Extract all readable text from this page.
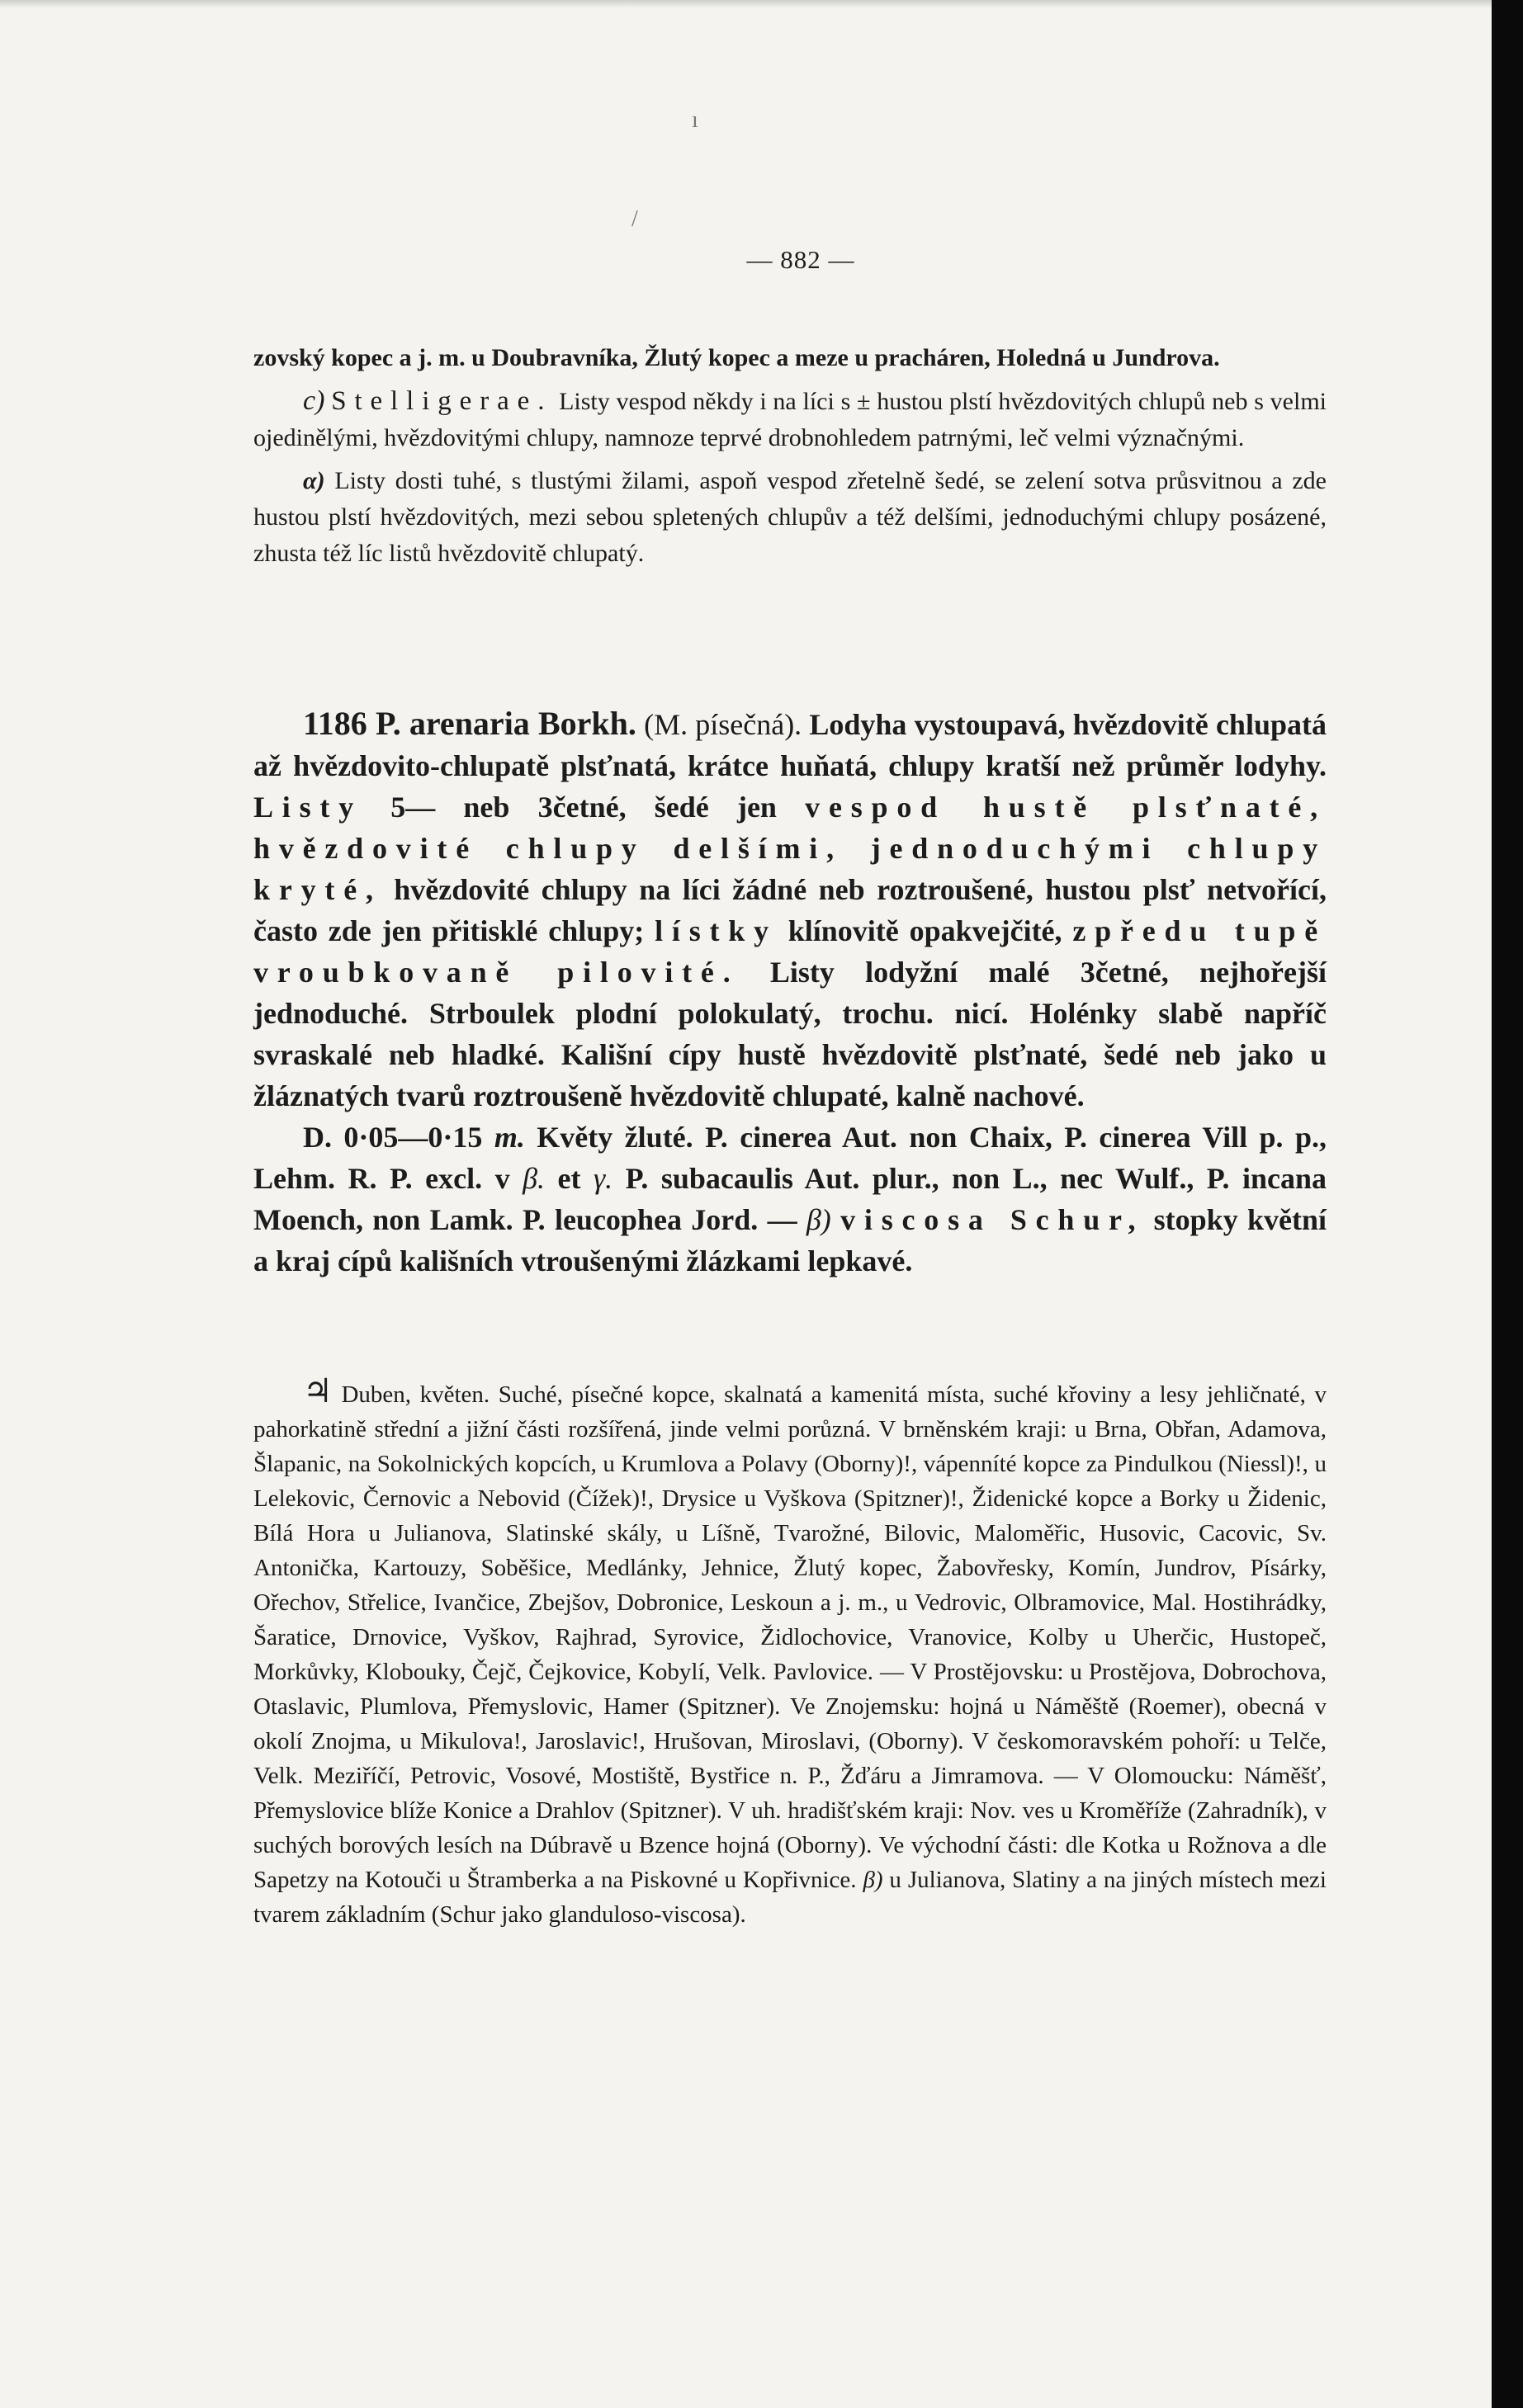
ı
/
— 882 —

zovský kopec a j. m. u Doubravníka, Žlutý kopec a meze u pracháren, Holedná u Jundrova.

c) Stelligerae. Listy vespod někdy i na líci s ± hustou plstí hvězdovitých chlupů neb s velmi ojedinělými, hvězdovitými chlupy, namnoze teprvé drobnohledem patrnými, leč velmi význačnými.

α) Listy dosti tuhé, s tlustými žilami, aspoň vespod zřetelně šedé, se zelení sotva průsvitnou a zde hustou plstí hvězdovitých, mezi sebou spletených chlupův a též delšími, jednoduchými chlupy posázené, zhusta též líc listů hvězdovitě chlupatý.

1186 P. arenaria Borkh. (M. písečná). Lodyha vystoupavá, hvězdovitě chlupatá až hvězdovito-chlupatě plsťnatá, krátce huňatá, chlupy kratší než průměr lodyhy. Listy 5— neb 3četné, šedé jen vespod hustě plsťnaté, hvězdovité chlupy delšími, jednoduchými chlupy kryté, hvězdovité chlupy na líci žádné neb roztroušené, hustou plsť netvořící, často zde jen přitisklé chlupy; lístky klínovitě opakvejčité, zpředu tupě vroubkovaně pilovité. Listy lodyžní malé 3četné, nejhořejší jednoduché. Strboulek plodní polokulatý, trochu. nicí. Holénky slabě napříč svraskalé neb hladké. Kališní cípy hustě hvězdovitě plsťnaté, šedé neb jako u žláznatých tvarů roztroušeně hvězdovitě chlupaté, kalně nachové.

D. 0·05—0·15 m. Květy žluté. P. cinerea Aut. non Chaix, P. cinerea Vill p. p., Lehm. R. P. excl. v β. et γ. P. subacaulis Aut. plur., non L., nec Wulf., P. incana Moench, non Lamk. P. leucophea Jord. — β) viscosa Schur, stopky květní a kraj cípů kališních vtroušenými žlázkami lepkavé.

♃ Duben, květen. Suché, písečné kopce, skalnatá a kamenitá místa, suché křoviny a lesy jehličnaté, v pahorkatině střední a jižní části rozšířená, jinde velmi porůzná. V brněnském kraji: u Brna, Obřan, Adamova, Šlapanic, na Sokolnických kopcích, u Krumlova a Polavy (Oborny)!, vápenníté kopce za Pindulkou (Niessl)!, u Lelekovic, Černovic a Nebovid (Čížek)!, Drysice u Vyškova (Spitzner)!, Židenické kopce a Borky u Židenic, Bílá Hora u Julianova, Slatinské skály, u Líšně, Tvarožné, Bilovic, Maloměřic, Husovic, Cacovic, Sv. Antonička, Kartouzy, Soběšice, Medlánky, Jehnice, Žlutý kopec, Žabovřesky, Komín, Jundrov, Písárky, Ořechov, Střelice, Ivančice, Zbejšov, Dobronice, Leskoun a j. m., u Vedrovic, Olbramovice, Mal. Hostihrádky, Šaratice, Drnovice, Vyškov, Rajhrad, Syrovice, Židlochovice, Vranovice, Kolby u Uherčic, Hustopeč, Morkůvky, Klobouky, Čejč, Čejkovice, Kobylí, Velk. Pavlovice. — V Prostějovsku: u Prostějova, Dobrochova, Otaslavic, Plumlova, Přemyslovic, Hamer (Spitzner). Ve Znojemsku: hojná u Náměště (Roemer), obecná v okolí Znojma, u Mikulova!, Jaroslavic!, Hrušovan, Miroslavi, (Oborny). V českomoravském pohoří: u Telče, Velk. Meziříčí, Petrovic, Vosové, Mostiště, Bystřice n. P., Žďáru a Jimramova. — V Olomoucku: Náměšť, Přemyslovice blíže Konice a Drahlov (Spitzner). V uh. hradišťském kraji: Nov. ves u Kroměříže (Zahradník), v suchých borových lesích na Dúbravě u Bzence hojná (Oborny). Ve východní části: dle Kotka u Rožnova a dle Sapetzy na Kotouči u Štramberka a na Piskovné u Kopřivnice. β) u Julianova, Slatiny a na jiných místech mezi tvarem základním (Schur jako glanduloso-viscosa).
